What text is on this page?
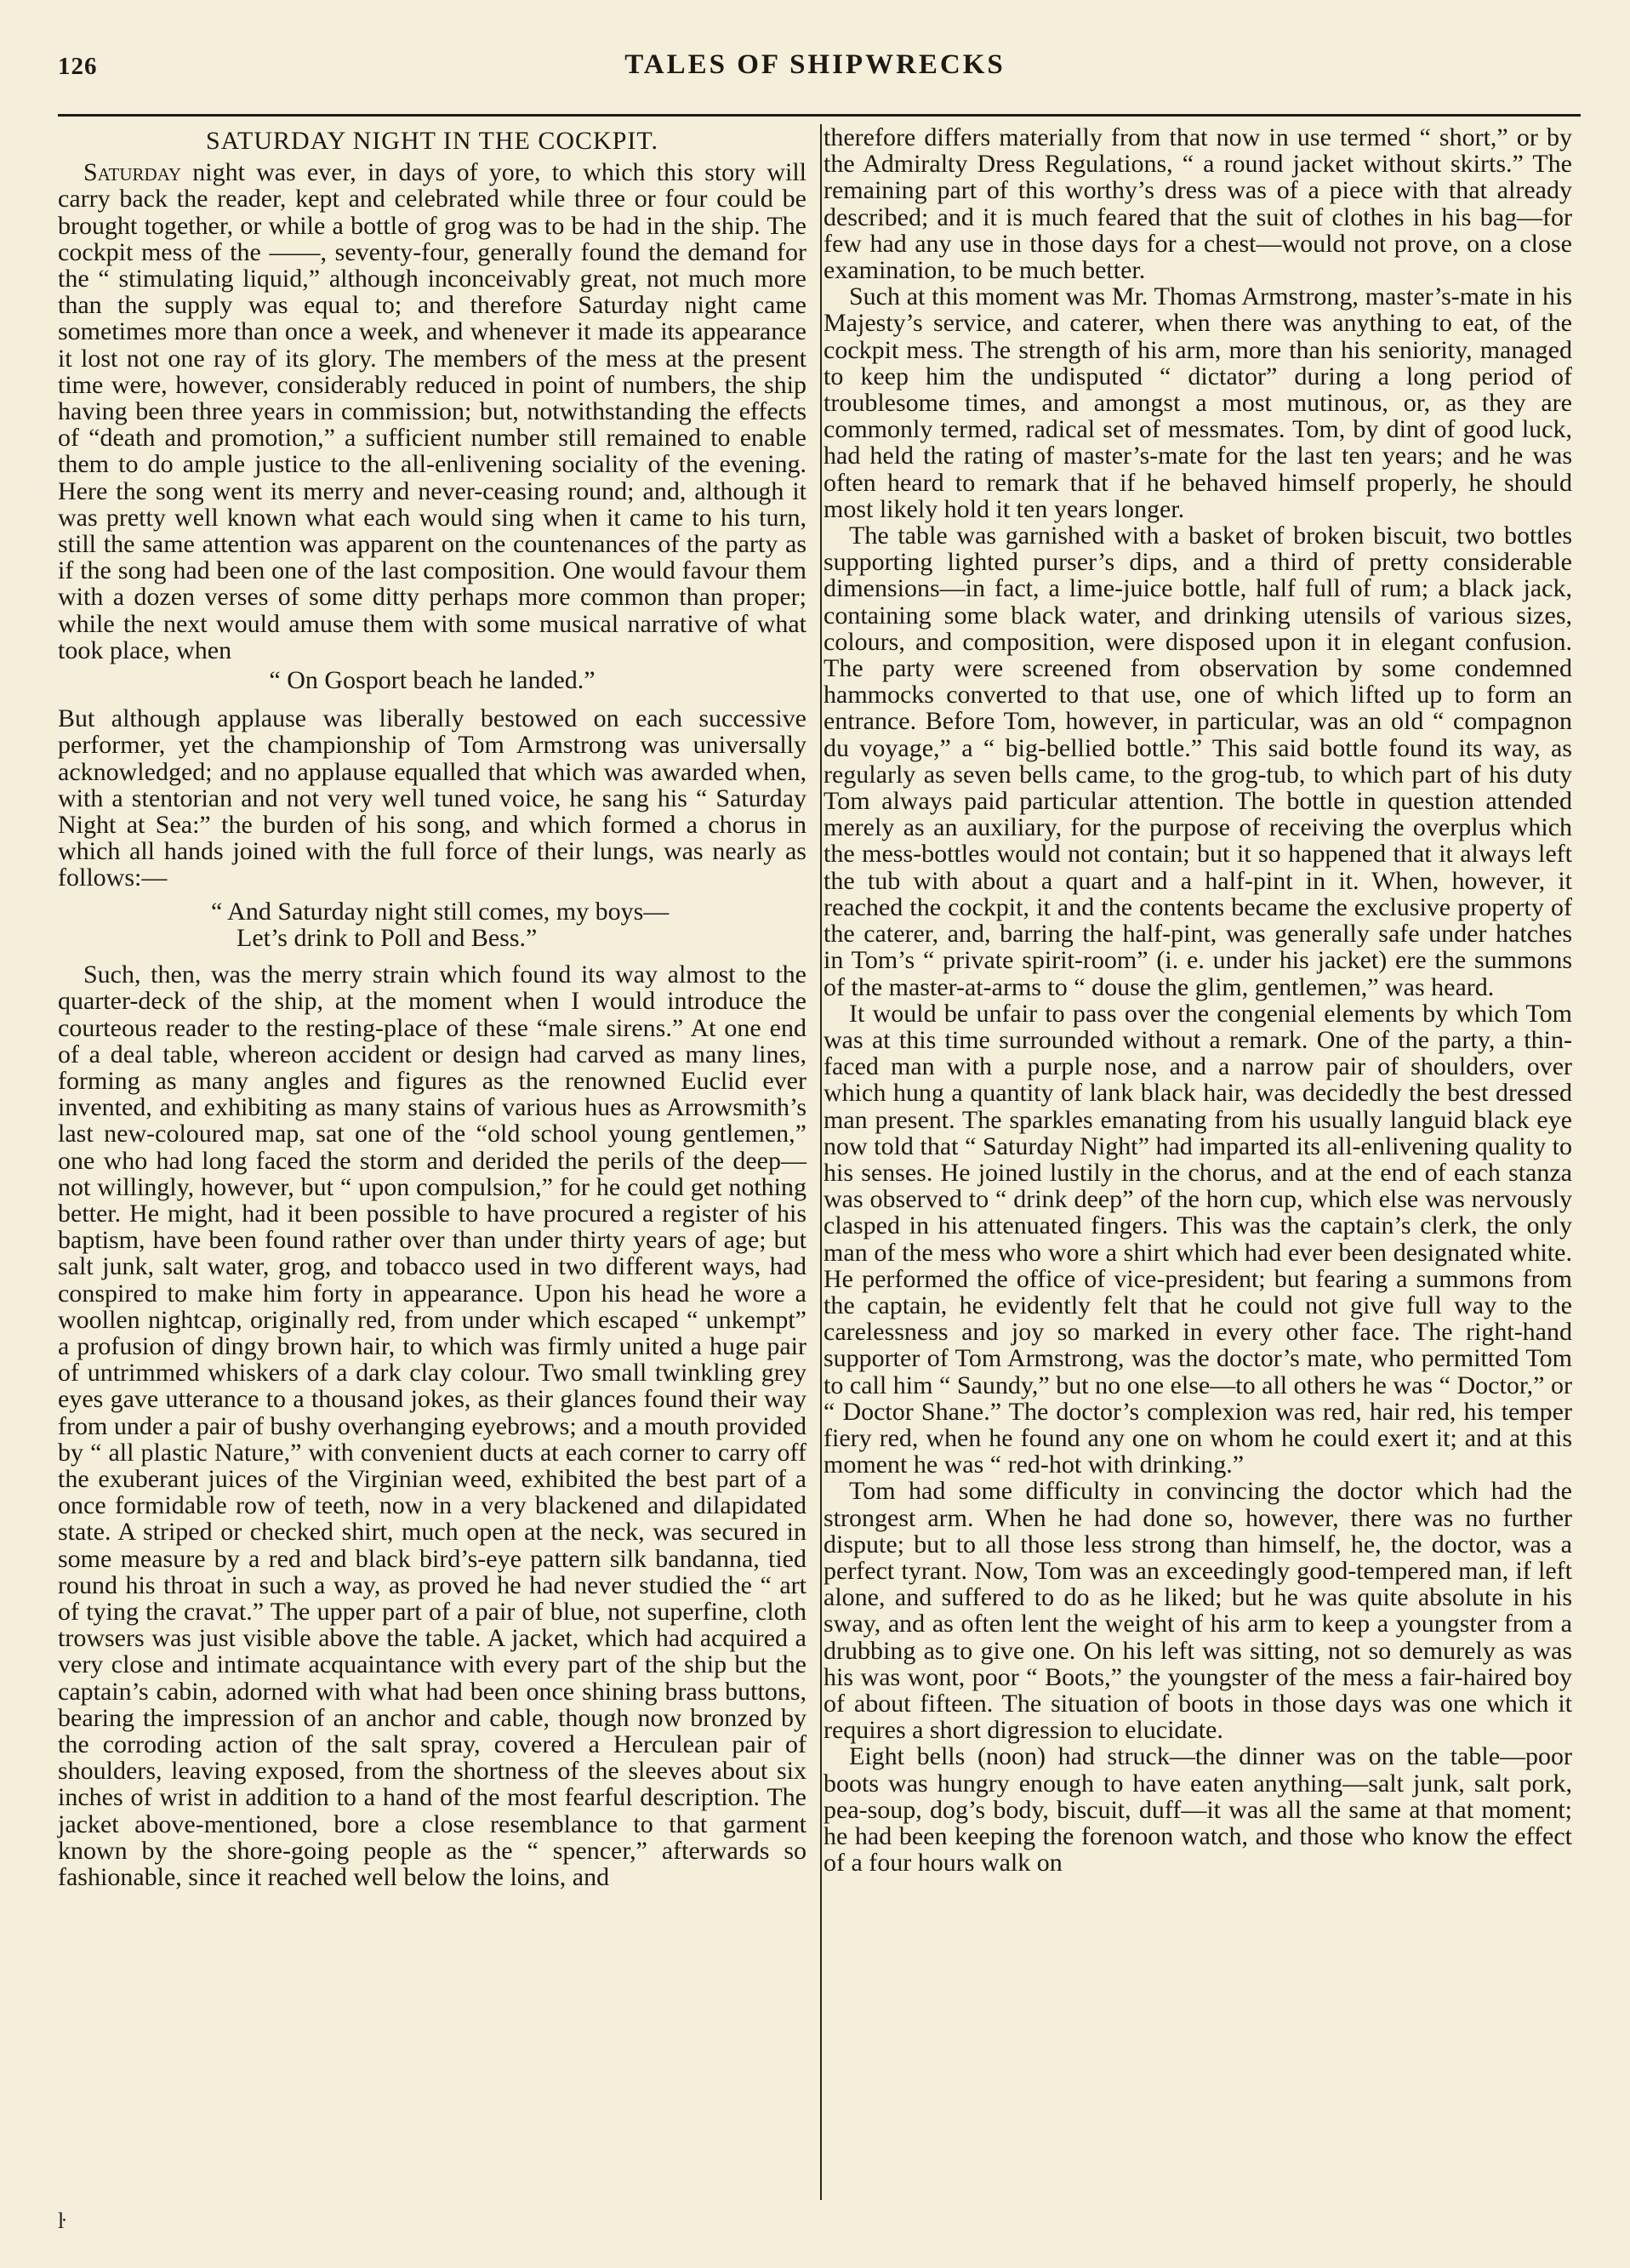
126	TALES OF SHIPWRECKS
SATURDAY NIGHT IN THE COCKPIT.

Saturday night was ever, in days of yore, to which this story will carry back the reader, kept and celebrated while three or four could be brought together, or while a bottle of grog was to be had in the ship. The cockpit mess of the ——, seventy-four, generally found the demand for the “ stimulating liquid,” although inconceivably great, not much more than the supply was equal to; and therefore Saturday night came sometimes more than once a week, and whenever it made its appearance it lost not one ray of its glory. The members of the mess at the present time were, however, considerably reduced in point of numbers, the ship having been three years in commission; but, notwithstanding the effects of “death and promotion,” a sufficient number still remained to enable them to do ample justice to the all-enlivening sociality of the evening. Here the song went its merry and never-ceasing round; and, although it was pretty well known what each would sing when it came to his turn, still the same attention was apparent on the countenances of the party as if the song had been one of the last composition. One would favour them with a dozen verses of some ditty perhaps more common than proper; while the next would amuse them with some musical narrative of what took place, when

“ On Gosport beach he landed.”

But although applause was liberally bestowed on each successive performer, yet the championship of Tom Armstrong was universally acknowledged; and no applause equalled that which was awarded when, with a stentorian and not very well tuned voice, he sang his “ Saturday Night at Sea:” the burden of his song, and which formed a chorus in which all hands joined with the full force of their lungs, was nearly as follows:—

“ And Saturday night still comes, my boys—
Let’s drink to Poll and Bess.”

Such, then, was the merry strain which found its way almost to the quarter-deck of the ship, at the moment when I would introduce the courteous reader to the resting-place of these “male sirens.” At one end of a deal table, whereon accident or design had carved as many lines, forming as many angles and figures as the renowned Euclid ever invented, and exhibiting as many stains of various hues as Arrowsmith’s last new-coloured map, sat one of the “old school young gentlemen,” one who had long faced the storm and derided the perils of the deep—not willingly, however, but “ upon compulsion,” for he could get nothing better. He might, had it been possible to have procured a register of his baptism, have been found rather over than under thirty years of age; but salt junk, salt water, grog, and tobacco used in two different ways, had conspired to make him forty in appearance. Upon his head he wore a woollen nightcap, originally red, from under which escaped “ unkempt” a profusion of dingy brown hair, to which was firmly united a huge pair of untrimmed whiskers of a dark clay colour. Two small twinkling grey eyes gave utterance to a thousand jokes, as their glances found their way from under a pair of bushy overhanging eyebrows; and a mouth provided by “ all plastic Nature,” with convenient ducts at each corner to carry off the exuberant juices of the Virginian weed, exhibited the best part of a once formidable row of teeth, now in a very blackened and dilapidated state. A striped or checked shirt, much open at the neck, was secured in some measure by a red and black bird’s-eye pattern silk bandanna, tied round his throat in such a way, as proved he had never studied the “ art of tying the cravat.” The upper part of a pair of blue, not superfine, cloth trowsers was just visible above the table. A jacket, which had acquired a very close and intimate acquaintance with every part of the ship but the captain’s cabin, adorned with what had been once shining brass buttons, bearing the impression of an anchor and cable, though now bronzed by the corroding action of the salt spray, covered a Herculean pair of shoulders, leaving exposed, from the shortness of the sleeves about six inches of wrist in addition to a hand of the most fearful description. The jacket above-mentioned, bore a close resemblance to that garment known by the shore-going people as the “ spencer,” afterwards so fashionable, since it reached well below the loins, and

therefore differs materially from that now in use termed “ short,” or by the Admiralty Dress Regulations, “ a round jacket without skirts.” The remaining part of this worthy’s dress was of a piece with that already described; and it is much feared that the suit of clothes in his bag—for few had any use in those days for a chest—would not prove, on a close examination, to be much better.

Such at this moment was Mr. Thomas Armstrong, master’s-mate in his Majesty’s service, and caterer, when there was anything to eat, of the cockpit mess. The strength of his arm, more than his seniority, managed to keep him the undisputed “ dictator” during a long period of troublesome times, and amongst a most mutinous, or, as they are commonly termed, radical set of messmates. Tom, by dint of good luck, had held the rating of master’s-mate for the last ten years; and he was often heard to remark that if he behaved himself properly, he should most likely hold it ten years longer.

The table was garnished with a basket of broken biscuit, two bottles supporting lighted purser’s dips, and a third of pretty considerable dimensions—in fact, a lime-juice bottle, half full of rum; a black jack, containing some black water, and drinking utensils of various sizes, colours, and composition, were disposed upon it in elegant confusion. The party were screened from observation by some condemned hammocks converted to that use, one of which lifted up to form an entrance. Before Tom, however, in particular, was an old “ compagnon du voyage,” a “ big-bellied bottle.” This said bottle found its way, as regularly as seven bells came, to the grog-tub, to which part of his duty Tom always paid particular attention. The bottle in question attended merely as an auxiliary, for the purpose of receiving the overplus which the mess-bottles would not contain; but it so happened that it always left the tub with about a quart and a half-pint in it. When, however, it reached the cockpit, it and the contents became the exclusive property of the caterer, and, barring the half-pint, was generally safe under hatches in Tom’s “ private spirit-room” (i. e. under his jacket) ere the summons of the master-at-arms to “ douse the glim, gentlemen,” was heard.

It would be unfair to pass over the congenial elements by which Tom was at this time surrounded without a remark. One of the party, a thin-faced man with a purple nose, and a narrow pair of shoulders, over which hung a quantity of lank black hair, was decidedly the best dressed man present. The sparkles emanating from his usually languid black eye now told that “ Saturday Night” had imparted its all-enlivening quality to his senses. He joined lustily in the chorus, and at the end of each stanza was observed to “ drink deep” of the horn cup, which else was nervously clasped in his attenuated fingers. This was the captain’s clerk, the only man of the mess who wore a shirt which had ever been designated white. He performed the office of vice-president; but fearing a summons from the captain, he evidently felt that he could not give full way to the carelessness and joy so marked in every other face. The right-hand supporter of Tom Armstrong, was the doctor’s mate, who permitted Tom to call him “ Saundy,” but no one else—to all others he was “ Doctor,” or “ Doctor Shane.” The doctor’s complexion was red, hair red, his temper fiery red, when he found any one on whom he could exert it; and at this moment he was “ red-hot with drinking.”

Tom had some difficulty in convincing the doctor which had the strongest arm. When he had done so, however, there was no further dispute; but to all those less strong than himself, he, the doctor, was a perfect tyrant. Now, Tom was an exceedingly good-tempered man, if left alone, and suffered to do as he liked; but he was quite absolute in his sway, and as often lent the weight of his arm to keep a youngster from a drubbing as to give one. On his left was sitting, not so demurely as was his was wont, poor “ Boots,” the youngster of the mess a fair-haired boy of about fifteen. The situation of boots in those days was one which it requires a short digression to elucidate.

Eight bells (noon) had struck—the dinner was on the table—poor boots was hungry enough to have eaten anything—salt junk, salt pork, pea-soup, dog’s body, biscuit, duff—it was all the same at that moment; he had been keeping the forenoon watch, and those who know the effect of a four hours walk on

ŀ
